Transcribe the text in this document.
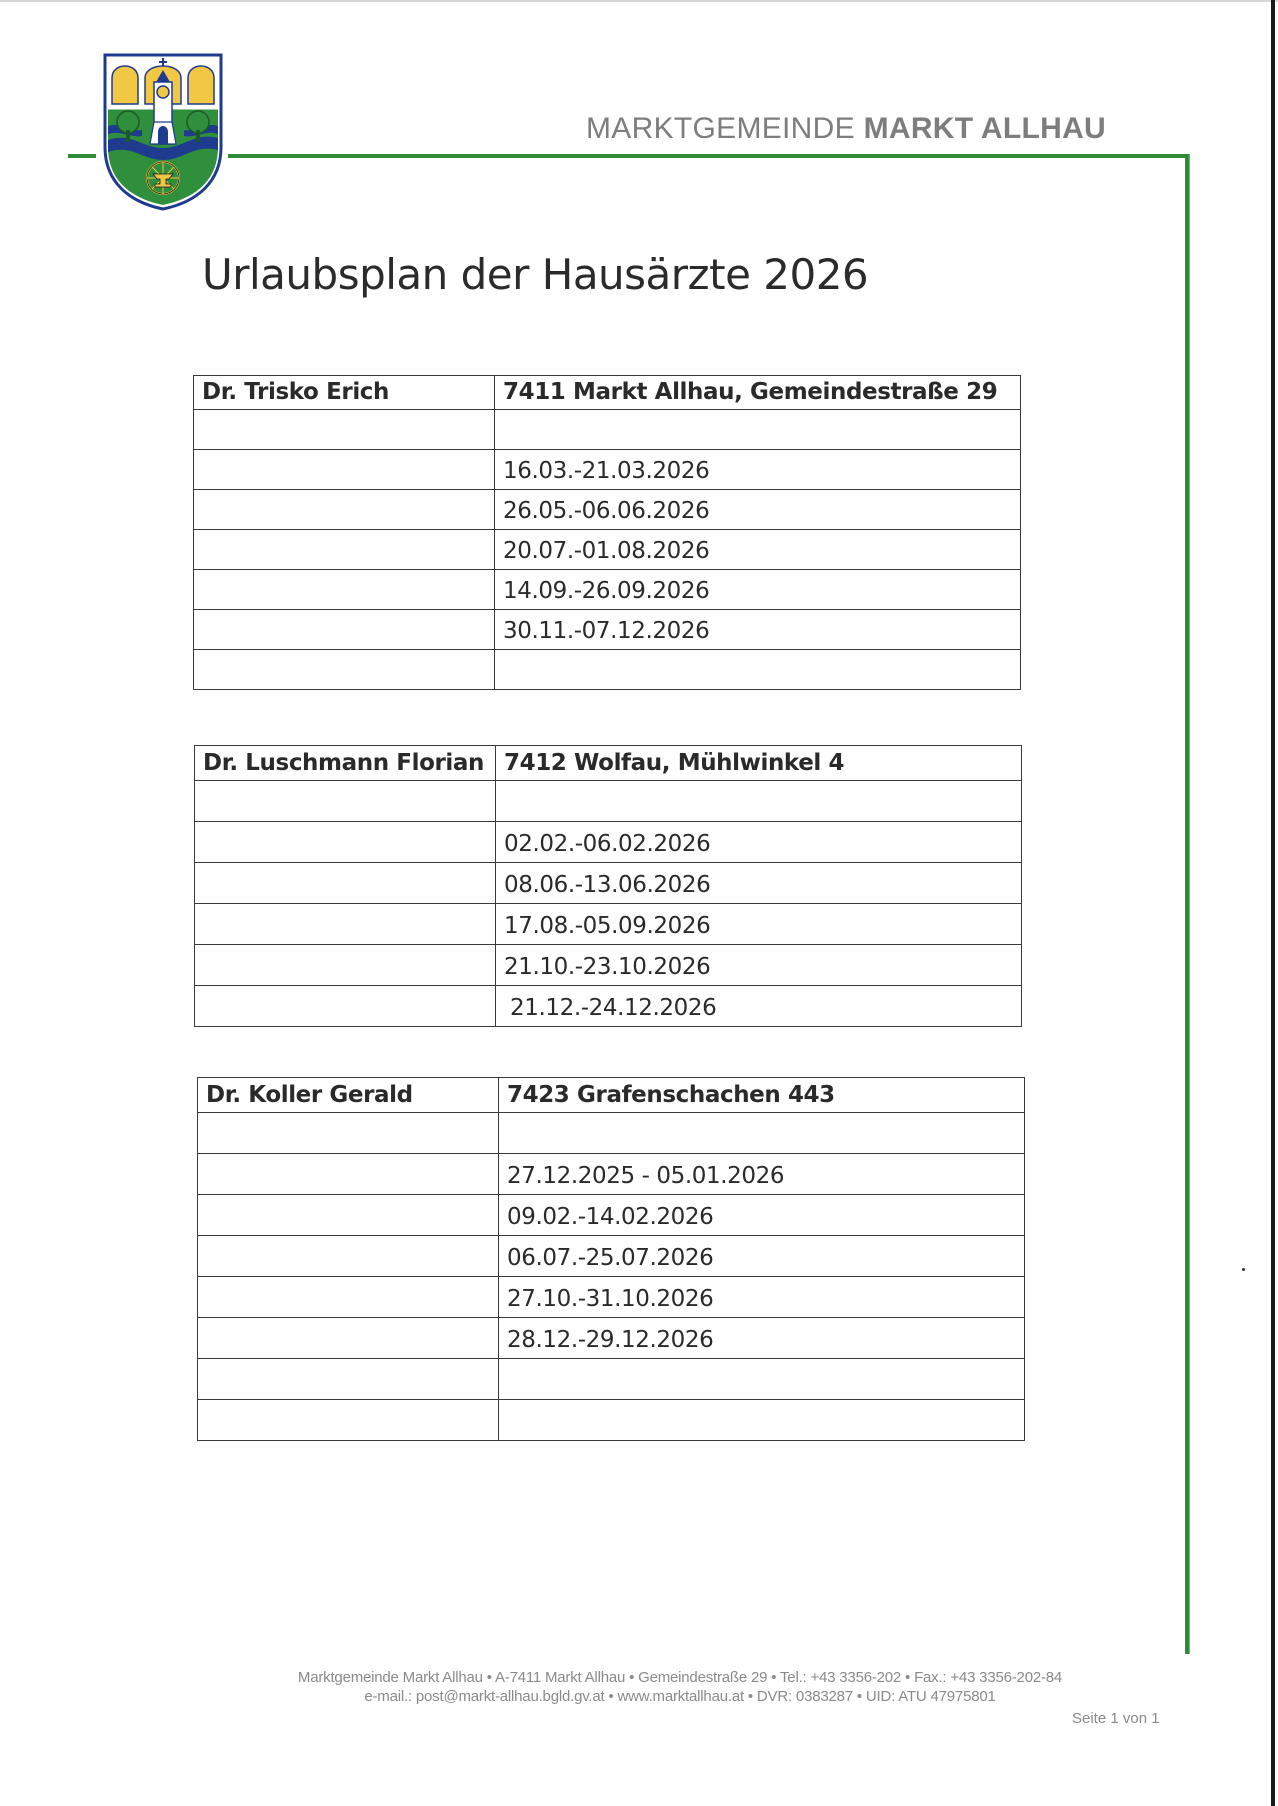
MARKTGEMEINDE MARKT ALLHAU
Urlaubsplan der Hausärzte 2026
Dr. Trisko Erich	7411 Markt Allhau, Gemeindestraße 29

	16.03.-21.03.2026
	26.05.-06.06.2026
	20.07.-01.08.2026
	14.09.-26.09.2026
	30.11.-07.12.2026

Dr. Luschmann Florian	7412 Wolfau, Mühlwinkel 4

	02.02.-06.02.2026
	08.06.-13.06.2026
	17.08.-05.09.2026
	21.10.-23.10.2026
	21.12.-24.12.2026
Dr. Koller Gerald	7423 Grafenschachen 443

	27.12.2025 - 05.01.2026
	09.02.-14.02.2026
	06.07.-25.07.2026
	27.10.-31.10.2026
	28.12.-29.12.2026

Marktgemeinde Markt Allhau • A-7411 Markt Allhau • Gemeindestraße 29 • Tel.: +43 3356-202 • Fax.: +43 3356-202-84
e-mail.: post@markt-allhau.bgld.gv.at • www.marktallhau.at • DVR: 0383287 • UID: ATU 47975801
Seite 1 von 1
